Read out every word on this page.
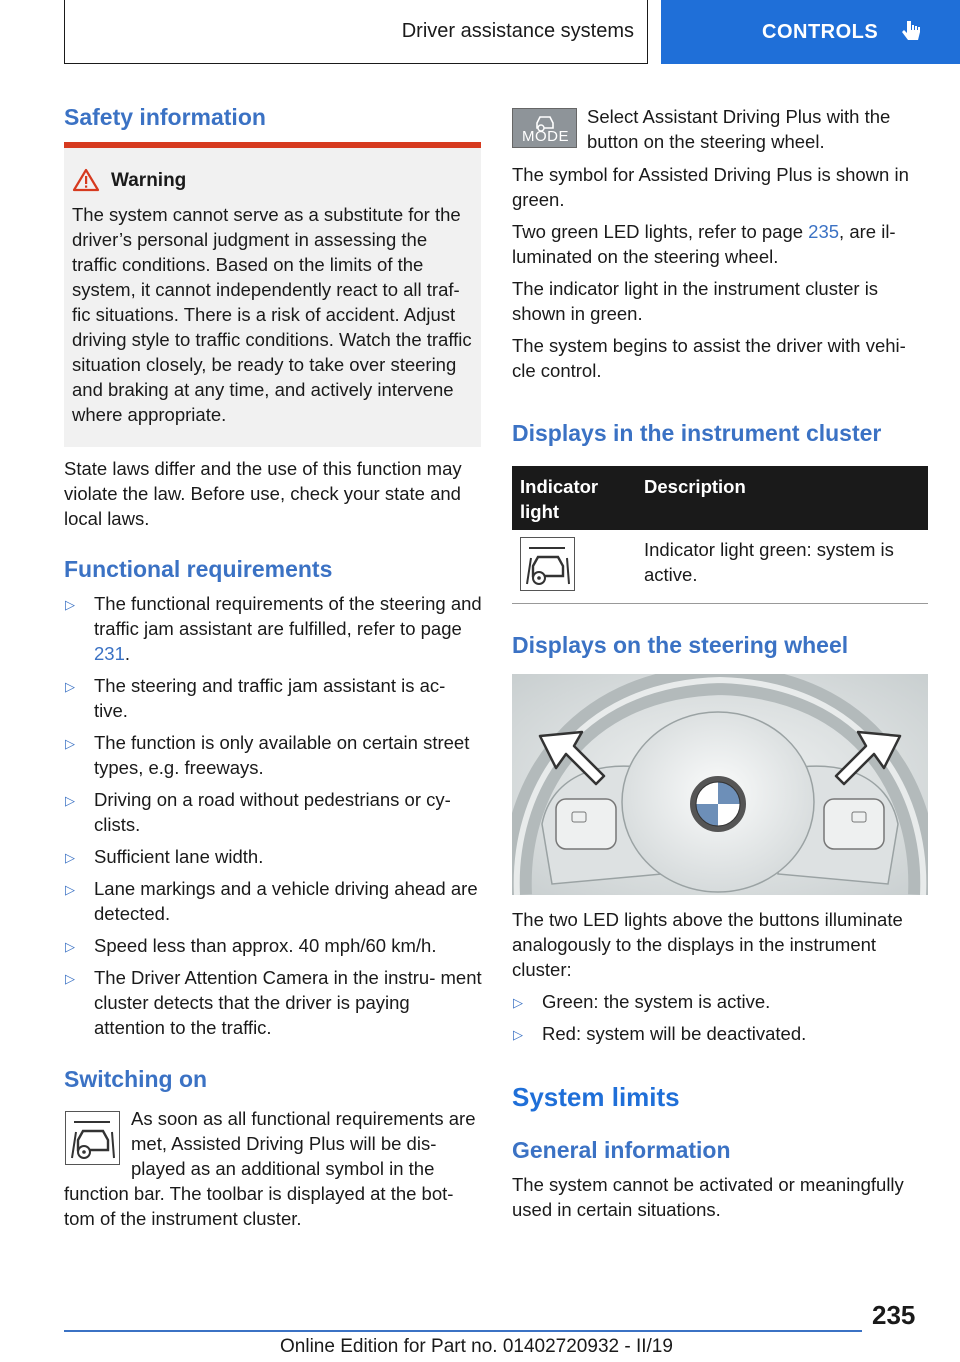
Driver assistance systems	CONTROLS
Safety information
Warning
The system cannot serve as a substitute for the driver’s personal judgment in assessing the traffic conditions. Based on the limits of the system, it cannot independently react to all traf- fic situations. There is a risk of accident. Adjust driving style to traffic conditions. Watch the traffic situation closely, be ready to take over steering and braking at any time, and actively intervene where appropriate.
State laws differ and the use of this function may violate the law. Before use, check your state and local laws.
Functional requirements
▷ The functional requirements of the steering and traffic jam assistant are fulfilled, refer to page 231.
▷ The steering and traffic jam assistant is ac- tive.
▷ The function is only available on certain street types, e.g. freeways.
▷ Driving on a road without pedestrians or cy- clists.
▷ Sufficient lane width.
▷ Lane markings and a vehicle driving ahead are detected.
▷ Speed less than approx. 40 mph/60 km/h.
▷ The Driver Attention Camera in the instru- ment cluster detects that the driver is paying attention to the traffic.
Switching on
As soon as all functional requirements are met, Assisted Driving Plus will be dis- played as an additional symbol in the
function bar. The toolbar is displayed at the bot- tom of the instrument cluster.
MODE
Select Assistant Driving Plus with the button on the steering wheel.
The symbol for Assisted Driving Plus is shown in green.
Two green LED lights, refer to page 235, are il- luminated on the steering wheel.
The indicator light in the instrument cluster is shown in green.
The system begins to assist the driver with vehi- cle control.
Displays in the instrument cluster
Indicator light	Description

	Indicator light green: system is active.
Displays on the steering wheel
The two LED lights above the buttons illuminate analogously to the displays in the instrument cluster:
▷ Green: the system is active.
▷ Red: system will be deactivated.
System limits
General information
The system cannot be activated or meaningfully used in certain situations.
235
Online Edition for Part no. 01402720932 - II/19
